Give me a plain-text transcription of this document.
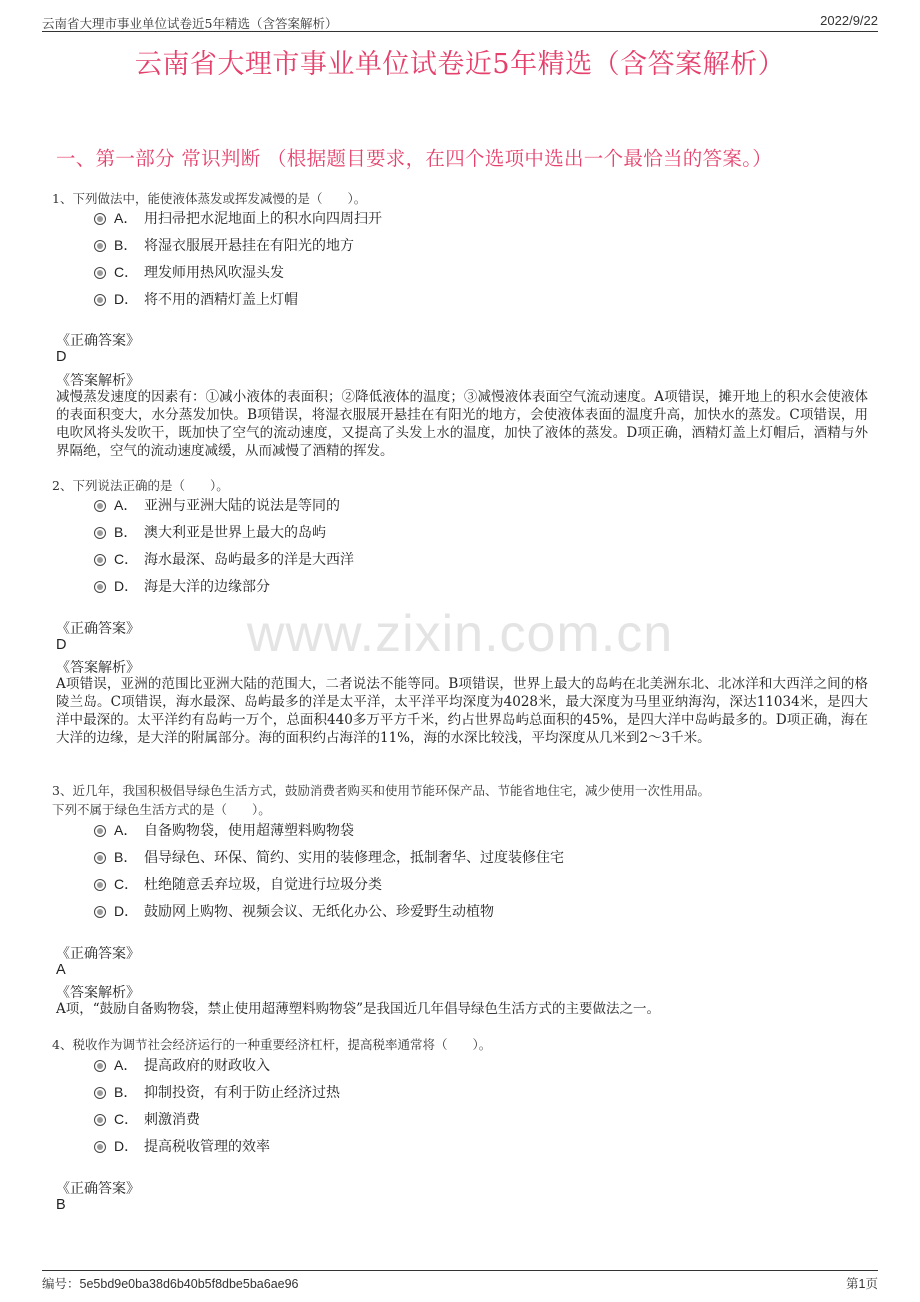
云南省大理市事业单位试卷近5年精选（含答案解析）	2022/9/22
云南省大理市事业单位试卷近5年精选（含答案解析）
一、第一部分 常识判断 （根据题目要求，在四个选项中选出一个最恰当的答案。）
www.zixin.com.cn
1、下列做法中，能使液体蒸发或挥发减慢的是（　　）。
A． 用扫帚把水泥地面上的积水向四周扫开
B． 将湿衣服展开悬挂在有阳光的地方
C． 理发师用热风吹湿头发
D． 将不用的酒精灯盖上灯帽
《正确答案》
D
《答案解析》
减慢蒸发速度的因素有：①减小液体的表面积；②降低液体的温度；③减慢液体表面空气流动速度。A项错误，摊开地上的积水会使液体的表面积变大，水分蒸发加快。B项错误，将湿衣服展开悬挂在有阳光的地方，会使液体表面的温度升高，加快水的蒸发。C项错误，用电吹风将头发吹干，既加快了空气的流动速度，又提高了头发上水的温度，加快了液体的蒸发。D项正确，酒精灯盖上灯帽后，酒精与外界隔绝，空气的流动速度减缓，从而减慢了酒精的挥发。
2、下列说法正确的是（　　）。
A． 亚洲与亚洲大陆的说法是等同的
B． 澳大利亚是世界上最大的岛屿
C． 海水最深、岛屿最多的洋是大西洋
D． 海是大洋的边缘部分
《正确答案》
D
《答案解析》
A项错误，亚洲的范围比亚洲大陆的范围大，二者说法不能等同。B项错误，世界上最大的岛屿在北美洲东北、北冰洋和大西洋之间的格陵兰岛。C项错误，海水最深、岛屿最多的洋是太平洋，太平洋平均深度为4028米，最大深度为马里亚纳海沟，深达11034米，是四大洋中最深的。太平洋约有岛屿一万个，总面积440多万平方千米，约占世界岛屿总面积的45%，是四大洋中岛屿最多的。D项正确，海在大洋的边缘，是大洋的附属部分。海的面积约占海洋的11%，海的水深比较浅，平均深度从几米到2～3千米。
3、近几年，我国积极倡导绿色生活方式，鼓励消费者购买和使用节能环保产品、节能省地住宅，减少使用一次性用品。
下列不属于绿色生活方式的是（　　）。
A． 自备购物袋，使用超薄塑料购物袋
B． 倡导绿色、环保、简约、实用的装修理念，抵制奢华、过度装修住宅
C． 杜绝随意丢弃垃圾，自觉进行垃圾分类
D． 鼓励网上购物、视频会议、无纸化办公、珍爱野生动植物
《正确答案》
A
《答案解析》
A项，“鼓励自备购物袋，禁止使用超薄塑料购物袋”是我国近几年倡导绿色生活方式的主要做法之一。
4、税收作为调节社会经济运行的一种重要经济杠杆，提高税率通常将（　　）。
A． 提高政府的财政收入
B． 抑制投资，有利于防止经济过热
C． 刺激消费
D． 提高税收管理的效率
《正确答案》
B
编号：5e5bd9e0ba38d6b40b5f8dbe5ba6ae96	第1页
